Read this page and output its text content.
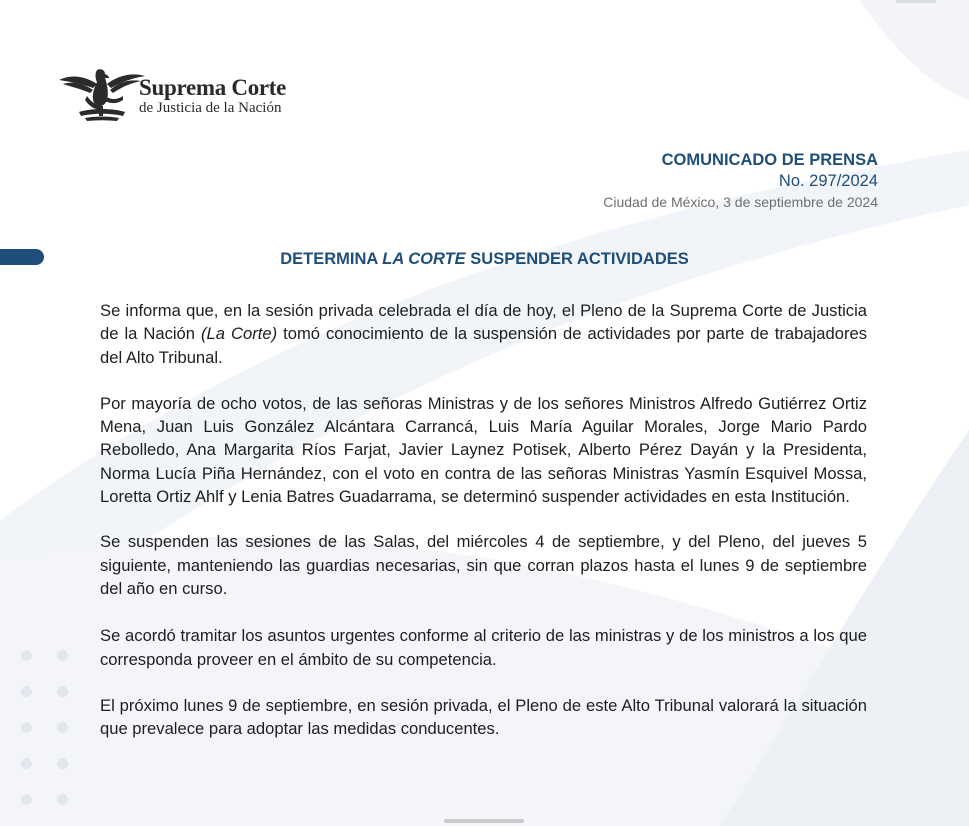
Suprema Corte
de Justicia de la Nación
COMUNICADO DE PRENSA
No. 297/2024
Ciudad de México, 3 de septiembre de 2024
DETERMINA LA CORTE SUSPENDER ACTIVIDADES

Se informa que, en la sesión privada celebrada el día de hoy, el Pleno de la Suprema Corte de Justicia de la Nación (La Corte) tomó conocimiento de la suspensión de actividades por parte de trabajadores del Alto Tribunal.

Por mayoría de ocho votos, de las señoras Ministras y de los señores Ministros Alfredo Gutiérrez Ortiz Mena, Juan Luis González Alcántara Carrancá, Luis María Aguilar Morales, Jorge Mario Pardo Rebolledo, Ana Margarita Ríos Farjat, Javier Laynez Potisek, Alberto Pérez Dayán y la Presidenta, Norma Lucía Piña Hernández, con el voto en contra de las señoras Ministras Yasmín Esquivel Mossa, Loretta Ortiz Ahlf y Lenia Batres Guadarrama, se determinó suspender actividades en esta Institución.

Se suspenden las sesiones de las Salas, del miércoles 4 de septiembre, y del Pleno, del jueves 5 siguiente, manteniendo las guardias necesarias, sin que corran plazos hasta el lunes 9 de septiembre del año en curso.

Se acordó tramitar los asuntos urgentes conforme al criterio de las ministras y de los ministros a los que corresponda proveer en el ámbito de su competencia.

El próximo lunes 9 de septiembre, en sesión privada, el Pleno de este Alto Tribunal valorará la situación que prevalece para adoptar las medidas conducentes.
